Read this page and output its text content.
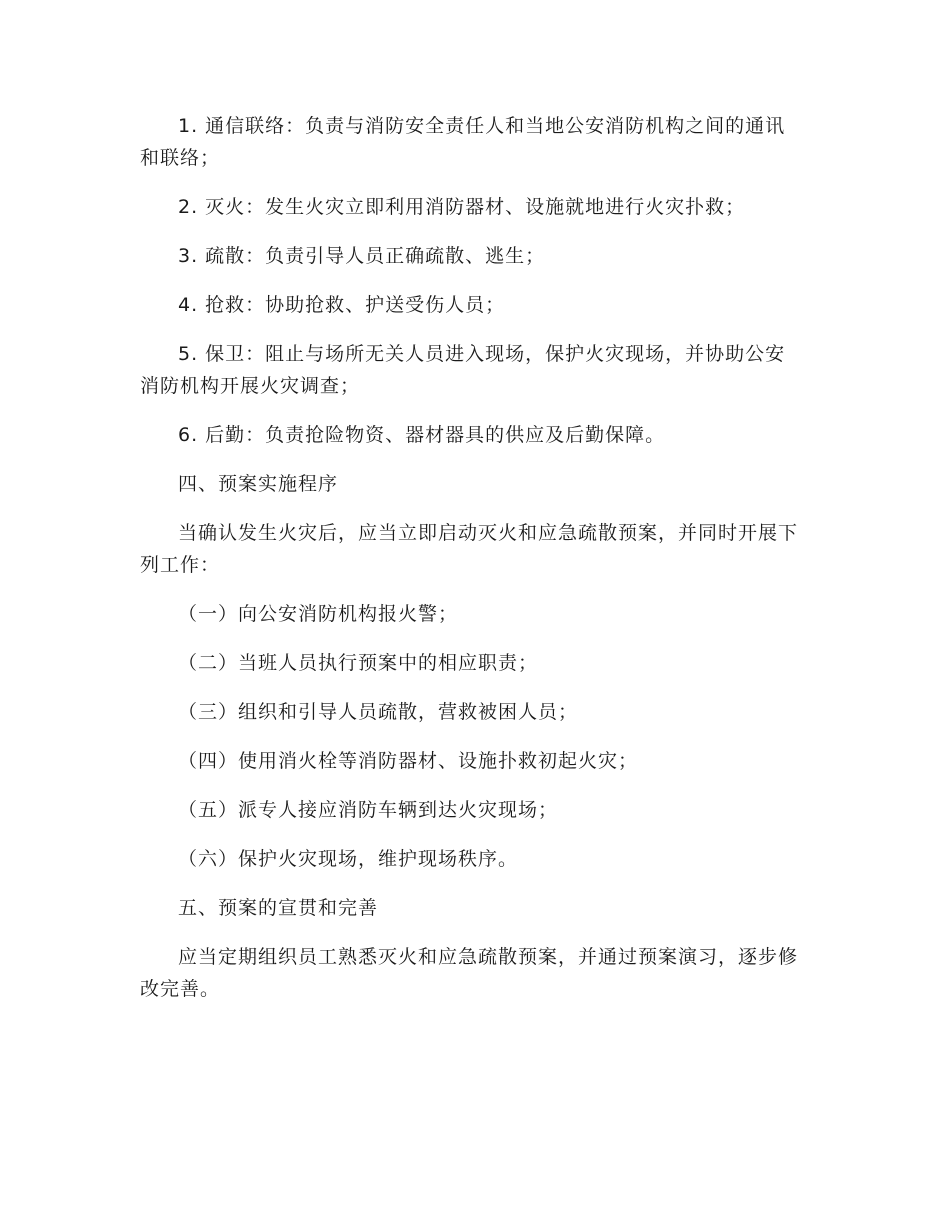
1. 通信联络：负责与消防安全责任人和当地公安消防机构之间的通讯和联络；

2. 灭火：发生火灾立即利用消防器材、设施就地进行火灾扑救；

3. 疏散：负责引导人员正确疏散、逃生；

4. 抢救：协助抢救、护送受伤人员；

5. 保卫：阻止与场所无关人员进入现场，保护火灾现场，并协助公安消防机构开展火灾调查；

6. 后勤：负责抢险物资、器材器具的供应及后勤保障。

四、预案实施程序

当确认发生火灾后，应当立即启动灭火和应急疏散预案，并同时开展下列工作：

（一）向公安消防机构报火警；

（二）当班人员执行预案中的相应职责；

（三）组织和引导人员疏散，营救被困人员；

（四）使用消火栓等消防器材、设施扑救初起火灾；

（五）派专人接应消防车辆到达火灾现场；

（六）保护火灾现场，维护现场秩序。

五、预案的宣贯和完善

应当定期组织员工熟悉灭火和应急疏散预案，并通过预案演习，逐步修改完善。
